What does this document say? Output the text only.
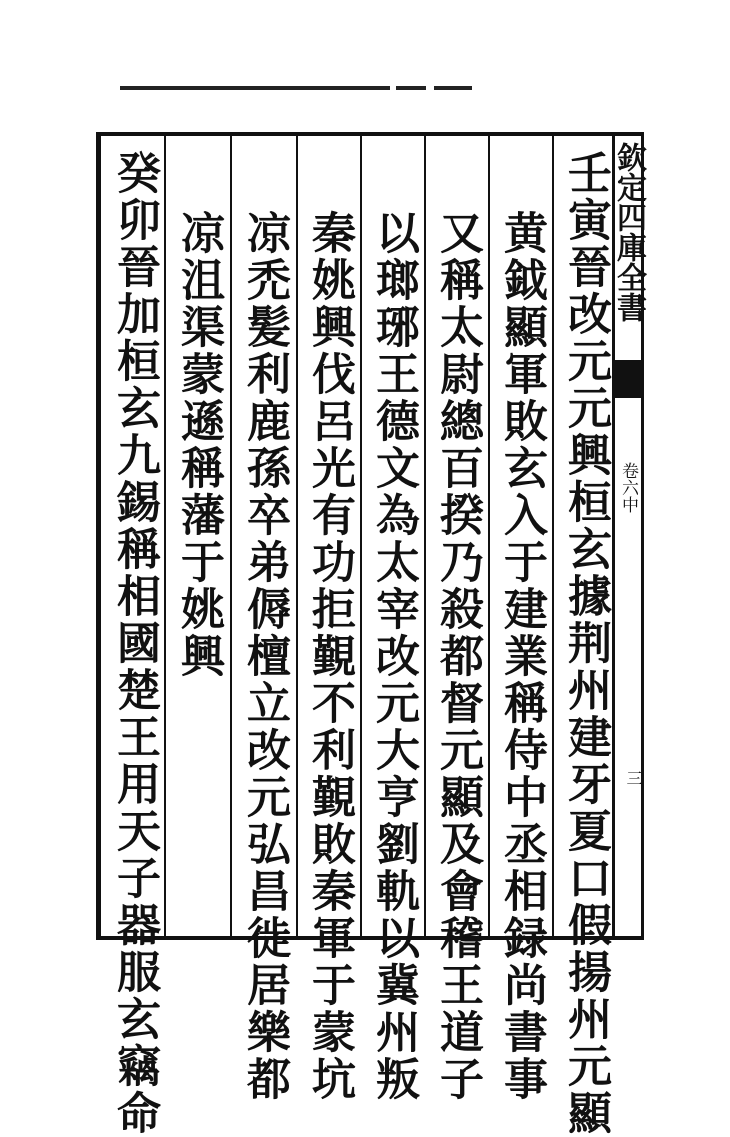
欽定四庫全書
卷六中
三
壬寅晉改元元興桓玄據荆州建牙夏口假揚州元顯
黄鉞顯軍敗玄入于建業稱侍中丞相録尚書事
又稱太尉總百揆乃殺都督元顯及會稽王道子
以瑯琊王德文為太宰改元大亨劉軌以冀州叛
秦姚興伐呂光有功拒覲不利覲敗秦軍于蒙坑
凉禿髪利鹿孫卒弟傉檀立改元弘昌徙居樂都
凉沮渠蒙遜稱藩于姚興
癸卯晉加桓玄九錫稱相國楚王用天子器服玄竊命
